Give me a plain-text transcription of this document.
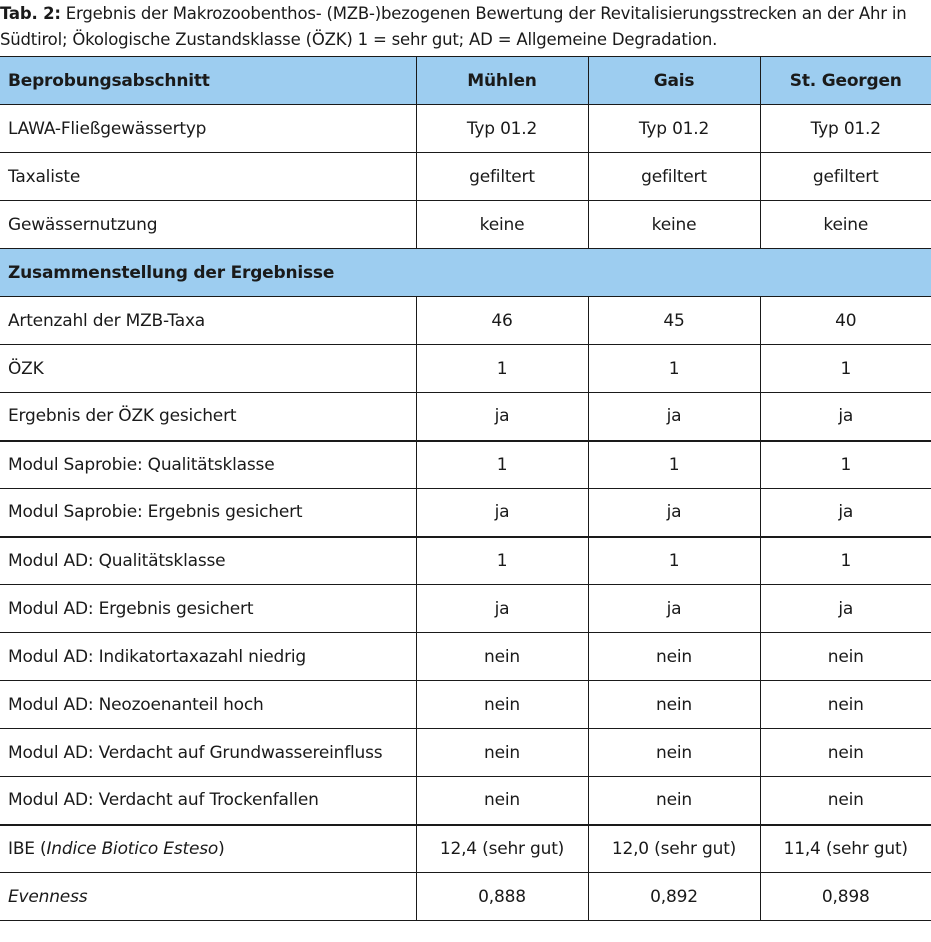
Tab. 2: Ergebnis der Makrozoobenthos- (MZB-)bezogenen Bewertung der Revitalisierungsstrecken an der Ahr in Südtirol; Ökologische Zustandsklasse (ÖZK) 1 = sehr gut; AD = Allgemeine Degradation.
Beprobungsabschnitt	Mühlen	Gais	St. Georgen
LAWA-Fließgewässertyp	Typ 01.2	Typ 01.2	Typ 01.2
Taxaliste	gefiltert	gefiltert	gefiltert
Gewässernutzung	keine	keine	keine
Zusammenstellung der Ergebnisse			
Artenzahl der MZB-Taxa	46	45	40
ÖZK	1	1	1
Ergebnis der ÖZK gesichert	ja	ja	ja
Modul Saprobie: Qualitätsklasse	1	1	1
Modul Saprobie: Ergebnis gesichert	ja	ja	ja
Modul AD: Qualitätsklasse	1	1	1
Modul AD: Ergebnis gesichert	ja	ja	ja
Modul AD: Indikatortaxazahl niedrig	nein	nein	nein
Modul AD: Neozoenanteil hoch	nein	nein	nein
Modul AD: Verdacht auf Grundwassereinfluss	nein	nein	nein
Modul AD: Verdacht auf Trockenfallen	nein	nein	nein
IBE (Indice Biotico Esteso)	12,4 (sehr gut)	12,0 (sehr gut)	11,4 (sehr gut)
Evenness	0,888	0,892	0,898
